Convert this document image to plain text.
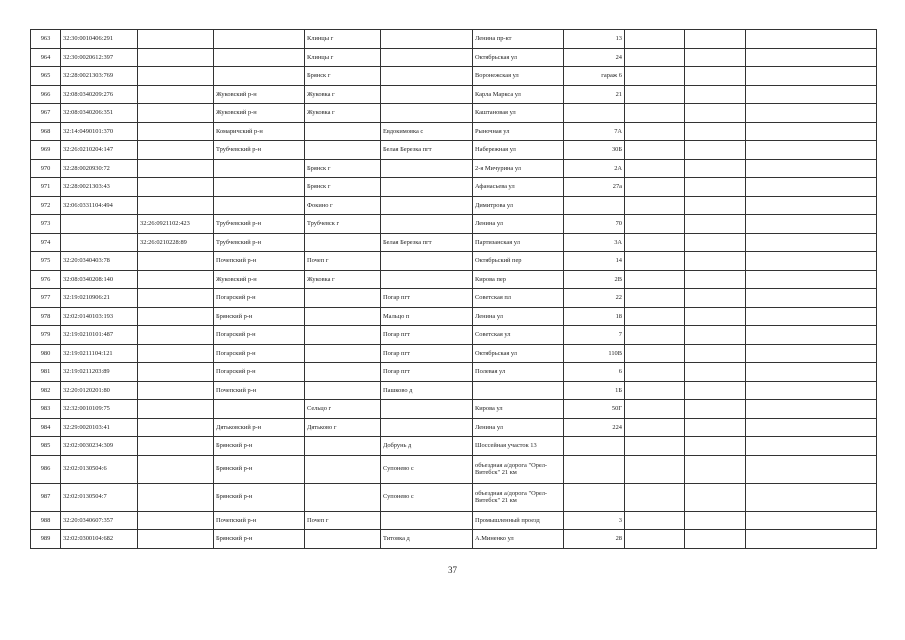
963	32:30:0010406:291			Клинцы г		Ленина пр-кт	13			
964	32:30:0020612:397			Клинцы г		Октябрьская ул	24			
965	32:28:0021303:769			Брянск г		Воронежская ул	гараж 6			
966	32:08:0340209:276		Жуковский р-н	Жуковка г		Карла Маркса ул	21			
967	32:08:0340206:351		Жуковский р-н	Жуковка г		Каштановая ул				
968	32:14:0490101:370		Комаричский р-н		Евдокимовка с	Рыночная ул	7А			
969	32:26:0210204:147		Трубчевский р-н		Белая Березка пгт	Набережная ул	30Б			
970	32:28:0020930:72			Брянск г		2-я Мичурина ул	2А			
971	32:28:0021303:43			Брянск г		Афанасьева ул	27а			
972	32:06:0331104:494			Фокино г		Димитрова ул				
973		32:26:0921102:423	Трубчевский р-н	Трубчевск г		Ленина ул	70			
974		32:26:0210228:89	Трубчевский р-н		Белая Березка пгт	Партизанская ул	3А			
975	32:20:0340403:78		Почепский р-н	Почеп г		Октябрьский пер	14			
976	32:08:0340208:140		Жуковский р-н	Жуковка г		Кирова пер	2В			
977	32:19:0210906:21		Погарский р-н		Погар пгт	Советская пл	22			
978	32:02:0140103:193		Брянский р-н		Мальцо п	Ленина ул	18			
979	32:19:0210101:487		Погарский р-н		Погар пгт	Советская ул	7			
980	32:19:0211104:121		Погарский р-н		Погар пгт	Октябрьская ул	110В			
981	32:19:0211203:89		Погарский р-н		Погар пгт	Полевая ул	6			
982	32:20:0120201:80		Почепский р-н		Пашково д		1Б			
983	32:32:0010109:75			Сельцо г		Кирова ул	50Г			
984	32:29:0020103:41		Дятьковский р-н	Дятьково г		Ленина ул	224			
985	32:02:0030234:309		Брянский р-н		Добрунь д	Шоссейная участок 13				
986	32:02:0130504:6		Брянский р-н		Супонево с	объездная а/дорога "Орел-Витебск" 21 км				
987	32:02:0130504:7		Брянский р-н		Супонево с	объездная а/дорога "Орел-Витебск" 21 км				
988	32:20:0340607:357		Почепский р-н	Почеп г		Промышленный проезд	3			
989	32:02:0300104:682		Брянский р-н		Титовка д	А.Миненко ул	28			
37
